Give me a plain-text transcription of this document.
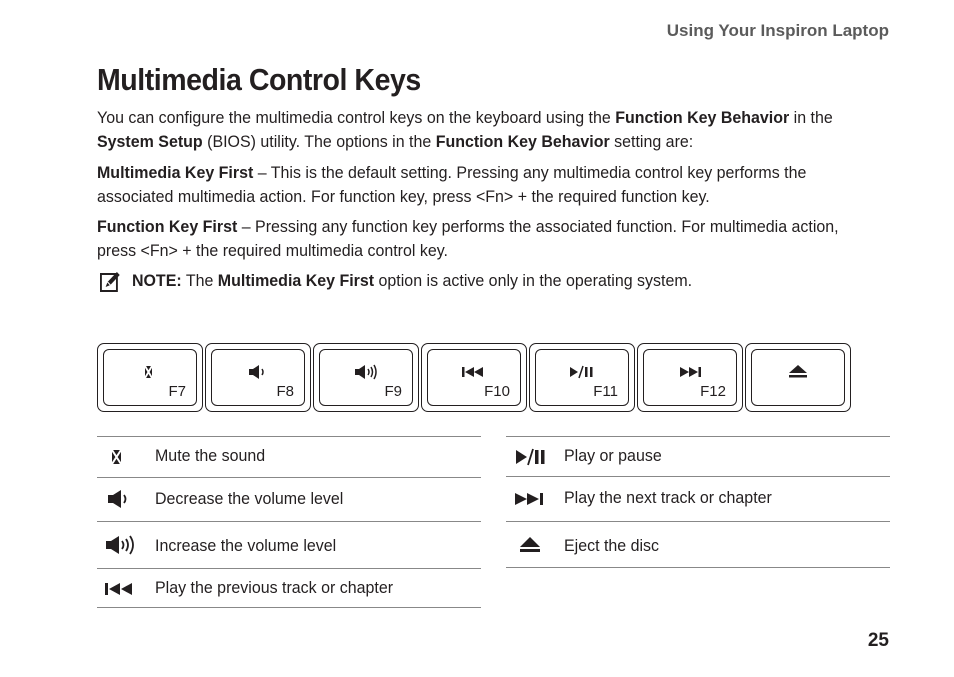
Using Your Inspiron Laptop
Multimedia Control Keys

You can configure the multimedia control keys on the keyboard using the Function Key Behavior in the System Setup (BIOS) utility. The options in the Function Key Behavior setting are:

Multimedia Key First – This is the default setting. Pressing any multimedia control key performs the associated multimedia action. For function key, press <Fn> + the required function key.

Function Key First – Pressing any function key performs the associated function. For multimedia action, press <Fn> + the required multimedia control key.

NOTE: The Multimedia Key First option is active only in the operating system.
F7	F8	F9	F10	F11	F12
Mute the sound
Decrease the volume level
Increase the volume level
Play the previous track or chapter
Play or pause
Play the next track or chapter
Eject the disc
25
